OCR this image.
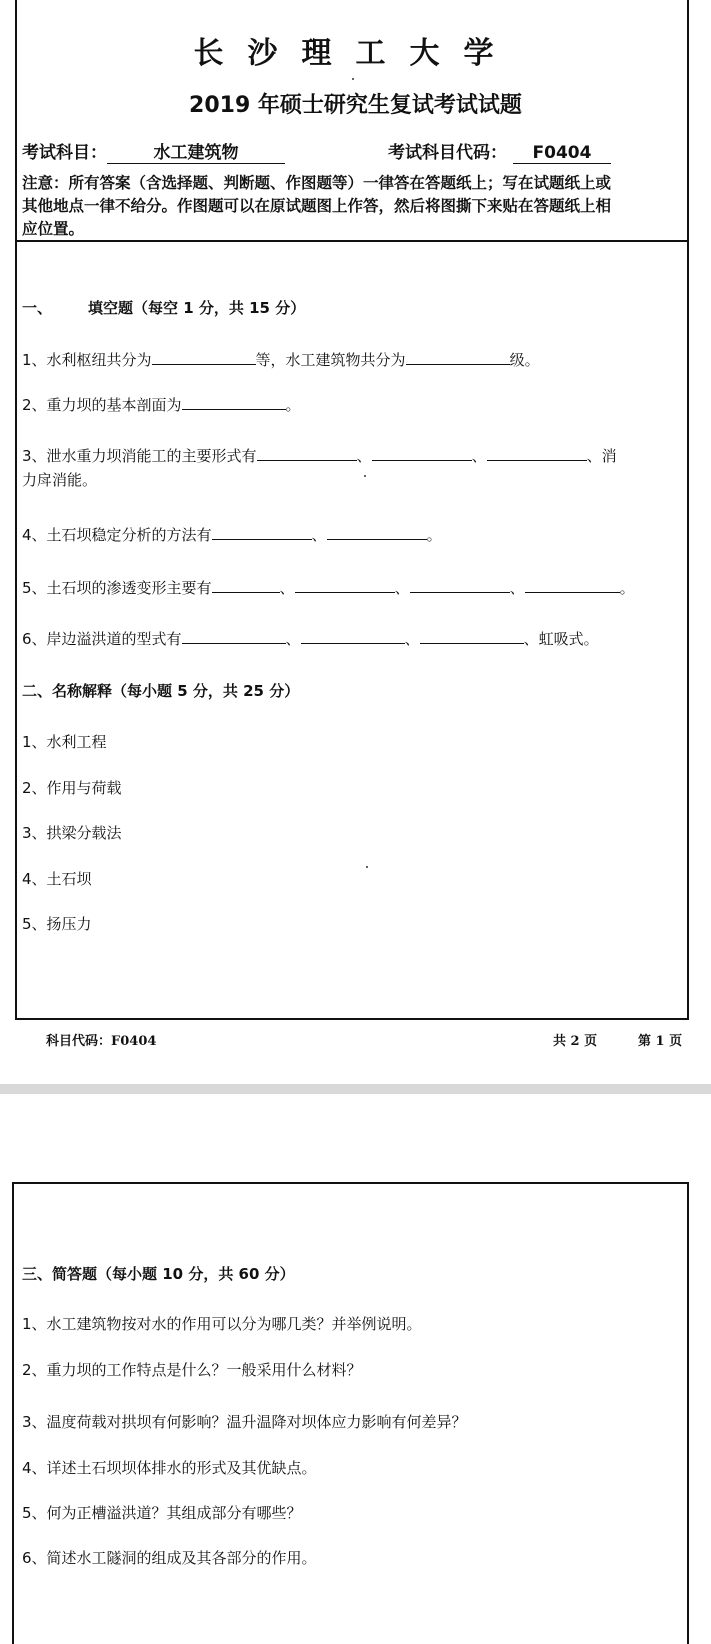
长沙理工大学
2019 年硕士研究生复试考试试题
考试科目：	水工建筑物	考试科目代码： F0404
注意：所有答案（含选择题、判断题、作图题等）一律答在答题纸上；写在试题纸上或
其他地点一律不给分。作图题可以在原试题图上作答，然后将图撕下来贴在答题纸上相
应位置。
一、 填空题（每空 1 分，共 15 分）
1、水利枢纽共分为	等，水工建筑物共分为	级。
2、重力坝的基本剖面为	。
3、泄水重力坝消能工的主要形式有	、	、	、消
力戽消能。
4、土石坝稳定分析的方法有	、	。
5、土石坝的渗透变形主要有	、	、	、	。
6、岸边溢洪道的型式有	、	、	、虹吸式。
二、名称解释（每小题 5 分，共 25 分）
1、水利工程
2、作用与荷载
3、拱梁分载法
4、土石坝
5、扬压力
科目代码：F0404	共 2 页	第 1 页
三、简答题（每小题 10 分，共 60 分）
1、水工建筑物按对水的作用可以分为哪几类？并举例说明。
2、重力坝的工作特点是什么？一般采用什么材料？
3、温度荷载对拱坝有何影响？温升温降对坝体应力影响有何差异？
4、详述土石坝坝体排水的形式及其优缺点。
5、何为正槽溢洪道？其组成部分有哪些？
6、简述水工隧洞的组成及其各部分的作用。
